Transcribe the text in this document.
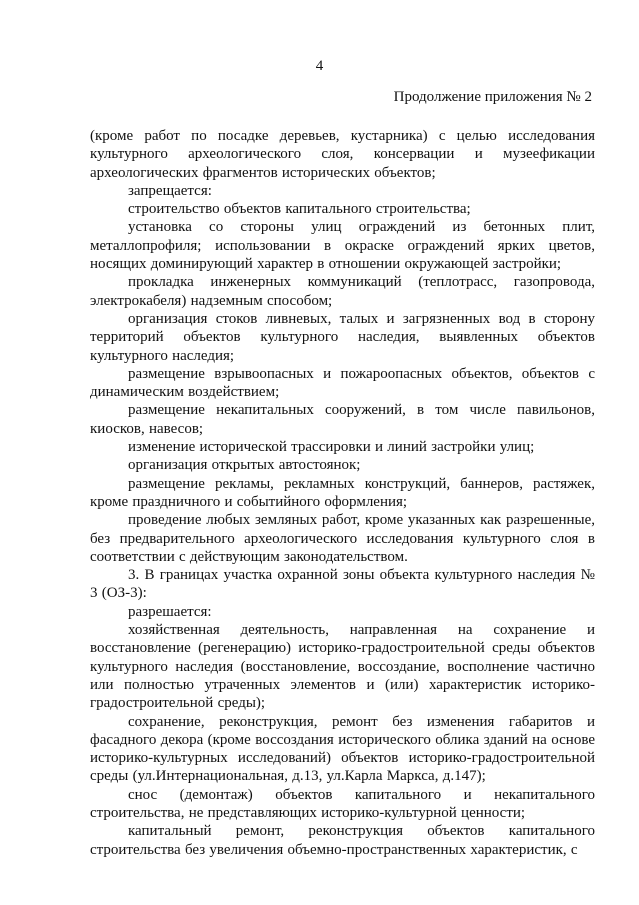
4
Продолжение приложения № 2

(кроме работ по посадке деревьев, кустарника) с целью исследования культурного археологического слоя, консервации и музеефикации археологических фрагментов исторических объектов;

запрещается:

строительство объектов капитального строительства;

установка со стороны улиц ограждений из бетонных плит, металлопрофиля; использовании в окраске ограждений ярких цветов, носящих доминирующий характер в отношении окружающей застройки;

прокладка инженерных коммуникаций (теплотрасс, газопровода, электрокабеля) надземным способом;

организация стоков ливневых, талых и загрязненных вод в сторону территорий объектов культурного наследия, выявленных объектов культурного наследия;

размещение взрывоопасных и пожароопасных объектов, объектов с динамическим воздействием;

размещение некапитальных сооружений, в том числе павильонов, киосков, навесов;

изменение исторической трассировки и линий застройки улиц;

организация открытых автостоянок;

размещение рекламы, рекламных конструкций, баннеров, растяжек, кроме праздничного и событийного оформления;

проведение любых земляных работ, кроме указанных как разрешенные, без предварительного археологического исследования культурного слоя в соответствии с действующим законодательством.

3. В границах участка охранной зоны объекта культурного наследия № 3 (ОЗ-3):

разрешается:

хозяйственная деятельность, направленная на сохранение и восстановление (регенерацию) историко-градостроительной среды объектов культурного наследия (восстановление, воссоздание, восполнение частично или полностью утраченных элементов и (или) характеристик историко-градостроительной среды);

сохранение, реконструкция, ремонт без изменения габаритов и фасадного декора (кроме воссоздания исторического облика зданий на основе историко-культурных исследований) объектов историко-градостроительной среды (ул.Интернациональная, д.13, ул.Карла Маркса, д.147);

снос (демонтаж) объектов капитального и некапитального строительства, не представляющих историко-культурной ценности;

капитальный ремонт, реконструкция объектов капитального строительства без увеличения объемно-пространственных характеристик, с
